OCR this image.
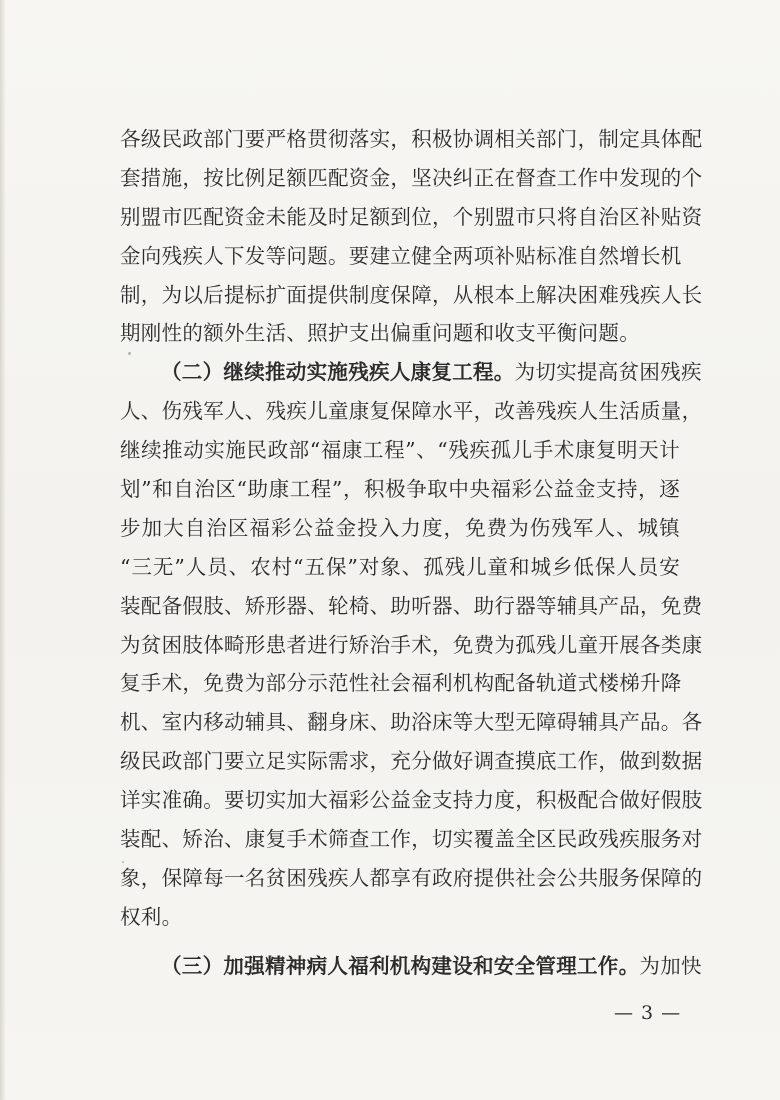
各级民政部门要严格贯彻落实，积极协调相关部门，制定具体配
套措施，按比例足额匹配资金，坚决纠正在督查工作中发现的个
别盟市匹配资金未能及时足额到位，个别盟市只将自治区补贴资
金向残疾人下发等问题。要建立健全两项补贴标准自然增长机
制，为以后提标扩面提供制度保障，从根本上解决困难残疾人长
期刚性的额外生活、照护支出偏重问题和收支平衡问题。
（二）继续推动实施残疾人康复工程。为切实提高贫困残疾
人、伤残军人、残疾儿童康复保障水平，改善残疾人生活质量，
继续推动实施民政部“福康工程”、“残疾孤儿手术康复明天计
划”和自治区“助康工程”，积极争取中央福彩公益金支持，逐
步加大自治区福彩公益金投入力度，免费为伤残军人、城镇
“三无”人员、农村“五保”对象、孤残儿童和城乡低保人员安
装配备假肢、矫形器、轮椅、助听器、助行器等辅具产品，免费
为贫困肢体畸形患者进行矫治手术，免费为孤残儿童开展各类康
复手术，免费为部分示范性社会福利机构配备轨道式楼梯升降
机、室内移动辅具、翻身床、助浴床等大型无障碍辅具产品。各
级民政部门要立足实际需求，充分做好调查摸底工作，做到数据
详实准确。要切实加大福彩公益金支持力度，积极配合做好假肢
装配、矫治、康复手术筛查工作，切实覆盖全区民政残疾服务对
象，保障每一名贫困残疾人都享有政府提供社会公共服务保障的
权利。
（三）加强精神病人福利机构建设和安全管理工作。为加快
— 3 —
